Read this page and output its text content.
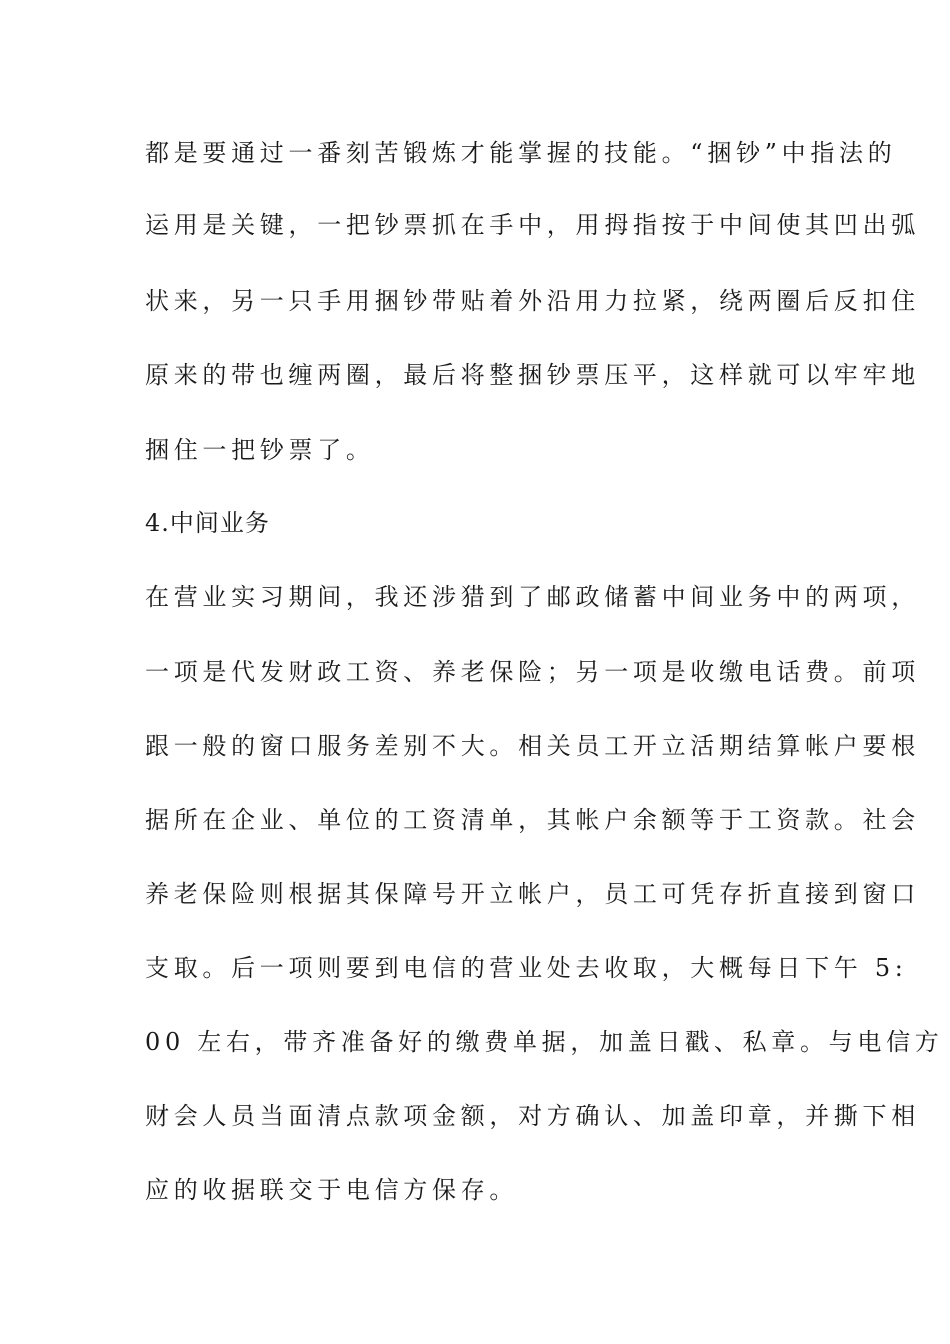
都是要通过一番刻苦锻炼才能掌握的技能。“捆钞”中指法的
运用是关键，一把钞票抓在手中，用拇指按于中间使其凹出弧
状来，另一只手用捆钞带贴着外沿用力拉紧，绕两圈后反扣住
原来的带也缠两圈，最后将整捆钞票压平，这样就可以牢牢地
捆住一把钞票了。
4.中间业务
在营业实习期间，我还涉猎到了邮政储蓄中间业务中的两项，
一项是代发财政工资、养老保险；另一项是收缴电话费。前项
跟一般的窗口服务差别不大。相关员工开立活期结算帐户要根
据所在企业、单位的工资清单，其帐户余额等于工资款。社会
养老保险则根据其保障号开立帐户，员工可凭存折直接到窗口
支取。后一项则要到电信的营业处去收取，大概每日下午 5:
00 左右，带齐准备好的缴费单据，加盖日戳、私章。与电信方
财会人员当面清点款项金额，对方确认、加盖印章，并撕下相
应的收据联交于电信方保存。
